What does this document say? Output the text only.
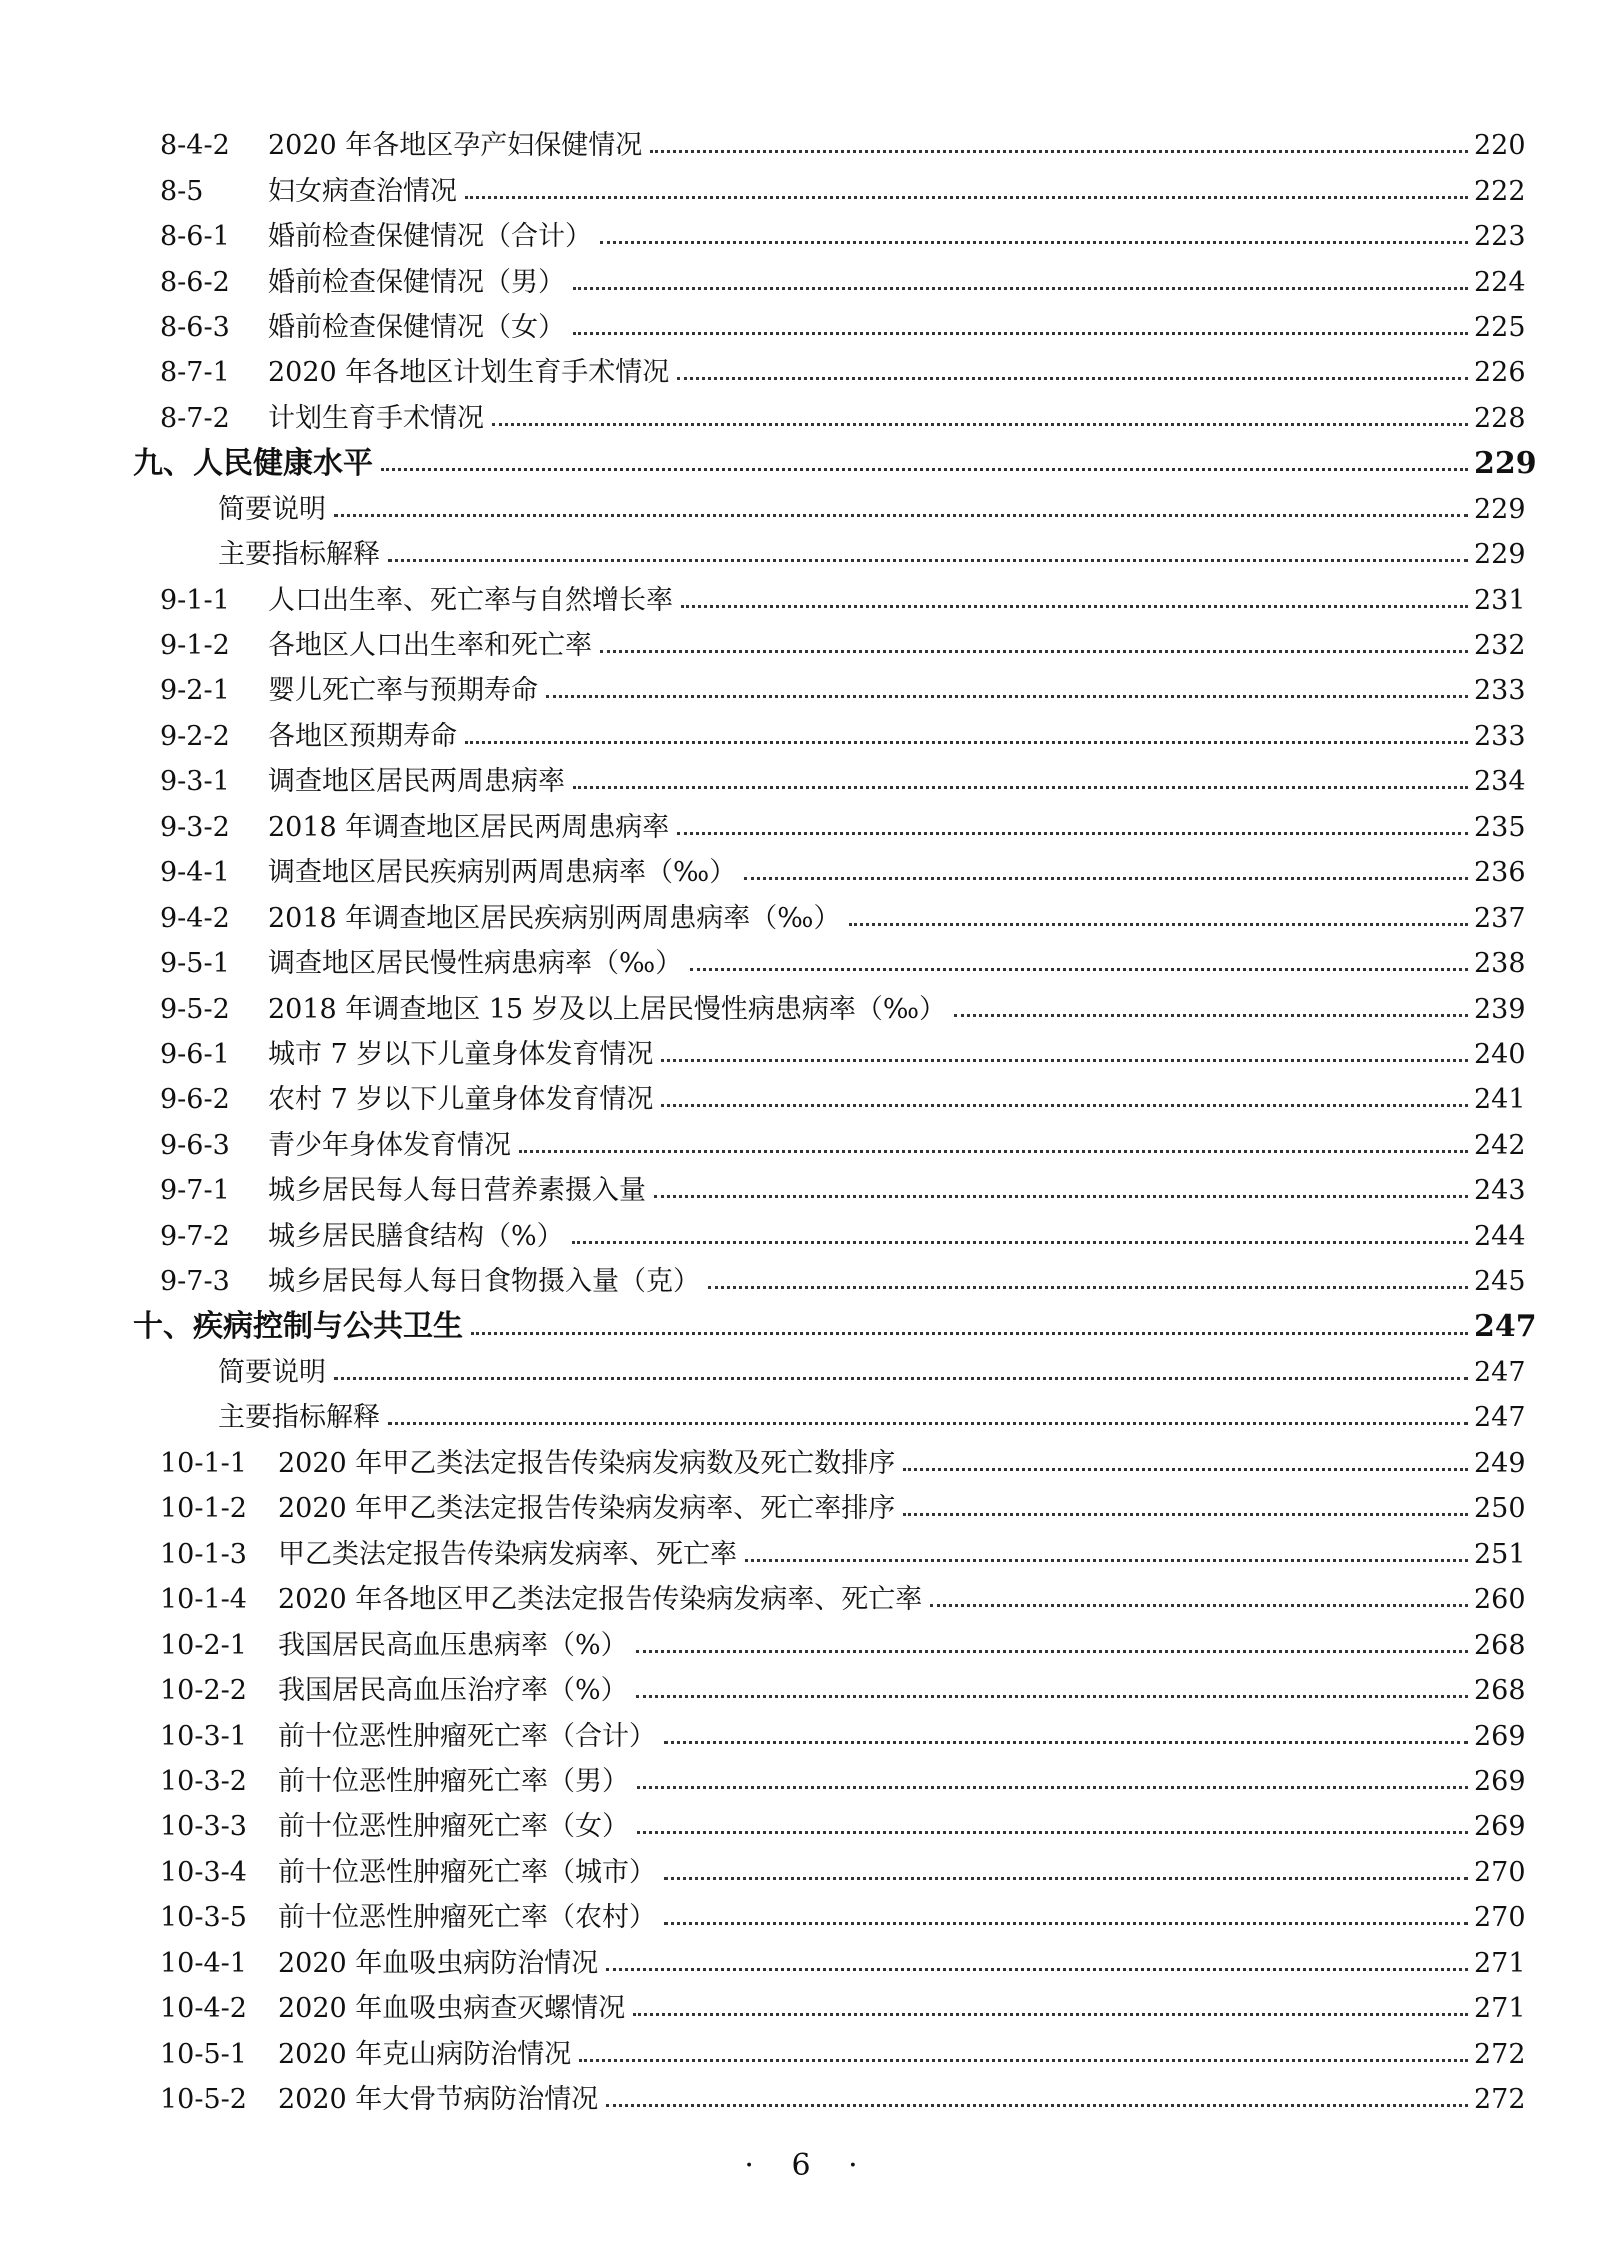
8-4-2	2020 年各地区孕产妇保健情况	220
8-5	妇女病查治情况	222
8-6-1	婚前检查保健情况（合计）	223
8-6-2	婚前检查保健情况（男）	224
8-6-3	婚前检查保健情况（女）	225
8-7-1	2020 年各地区计划生育手术情况	226
8-7-2	计划生育手术情况	228
九、人民健康水平	229
简要说明	229
主要指标解释	229
9-1-1	人口出生率、死亡率与自然增长率	231
9-1-2	各地区人口出生率和死亡率	232
9-2-1	婴儿死亡率与预期寿命	233
9-2-2	各地区预期寿命	233
9-3-1	调查地区居民两周患病率	234
9-3-2	2018 年调查地区居民两周患病率	235
9-4-1	调查地区居民疾病别两周患病率（‰）	236
9-4-2	2018 年调查地区居民疾病别两周患病率（‰）	237
9-5-1	调查地区居民慢性病患病率（‰）	238
9-5-2	2018 年调查地区 15 岁及以上居民慢性病患病率（‰）	239
9-6-1	城市 7 岁以下儿童身体发育情况	240
9-6-2	农村 7 岁以下儿童身体发育情况	241
9-6-3	青少年身体发育情况	242
9-7-1	城乡居民每人每日营养素摄入量	243
9-7-2	城乡居民膳食结构（%）	244
9-7-3	城乡居民每人每日食物摄入量（克）	245
十、疾病控制与公共卫生	247
简要说明	247
主要指标解释	247
10-1-1	2020 年甲乙类法定报告传染病发病数及死亡数排序	249
10-1-2	2020 年甲乙类法定报告传染病发病率、死亡率排序	250
10-1-3	甲乙类法定报告传染病发病率、死亡率	251
10-1-4	2020 年各地区甲乙类法定报告传染病发病率、死亡率	260
10-2-1	我国居民高血压患病率（%）	268
10-2-2	我国居民高血压治疗率（%）	268
10-3-1	前十位恶性肿瘤死亡率（合计）	269
10-3-2	前十位恶性肿瘤死亡率（男）	269
10-3-3	前十位恶性肿瘤死亡率（女）	269
10-3-4	前十位恶性肿瘤死亡率（城市）	270
10-3-5	前十位恶性肿瘤死亡率（农村）	270
10-4-1	2020 年血吸虫病防治情况	271
10-4-2	2020 年血吸虫病查灭螺情况	271
10-5-1	2020 年克山病防治情况	272
10-5-2	2020 年大骨节病防治情况	272
· 6 ·
